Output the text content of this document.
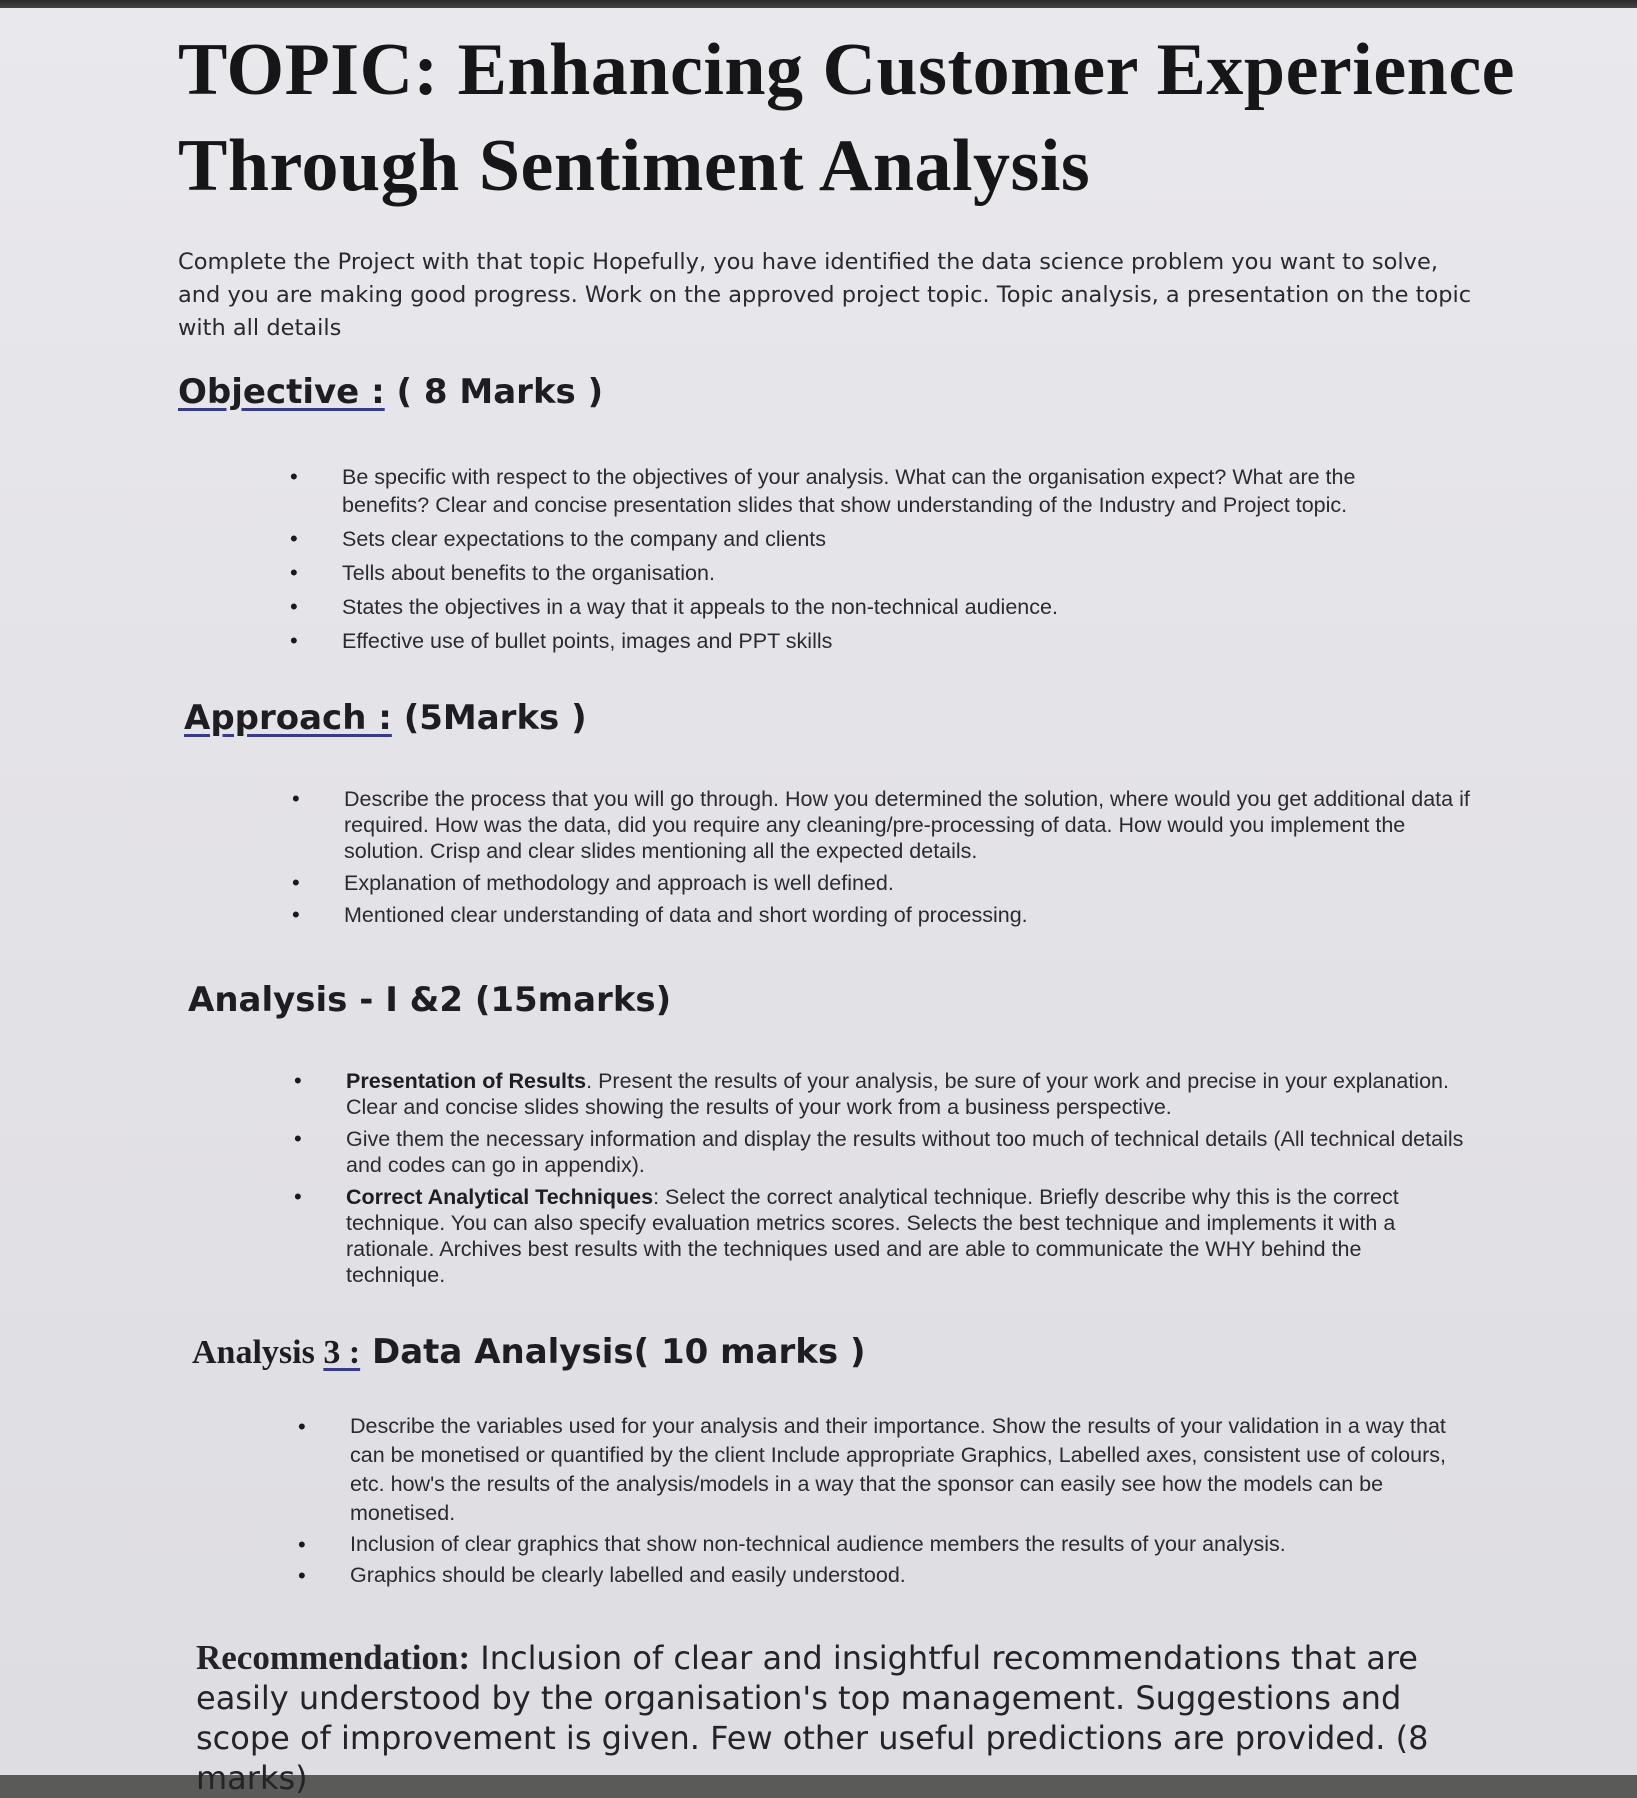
TOPIC: Enhancing Customer Experience Through Sentiment Analysis

Complete the Project with that topic Hopefully, you have identified the data science problem you want to solve, and you are making good progress. Work on the approved project topic. Topic analysis, a presentation on the topic with all details

Objective : ( 8 Marks )
• Be specific with respect to the objectives of your analysis. What can the organisation expect? What are the benefits? Clear and concise presentation slides that show understanding of the Industry and Project topic.
• Sets clear expectations to the company and clients
• Tells about benefits to the organisation.
• States the objectives in a way that it appeals to the non-technical audience.
• Effective use of bullet points, images and PPT skills
Approach : (5Marks )
• Describe the process that you will go through. How you determined the solution, where would you get additional data if required. How was the data, did you require any cleaning/pre-processing of data. How would you implement the solution. Crisp and clear slides mentioning all the expected details.
• Explanation of methodology and approach is well defined.
• Mentioned clear understanding of data and short wording of processing.
Analysis - I &2 (15marks)
• Presentation of Results. Present the results of your analysis, be sure of your work and precise in your explanation. Clear and concise slides showing the results of your work from a business perspective.
• Give them the necessary information and display the results without too much of technical details (All technical details and codes can go in appendix).
• Correct Analytical Techniques: Select the correct analytical technique. Briefly describe why this is the correct technique. You can also specify evaluation metrics scores. Selects the best technique and implements it with a rationale. Archives best results with the techniques used and are able to communicate the WHY behind the technique.
Analysis 3 : Data Analysis( 10 marks )
• Describe the variables used for your analysis and their importance. Show the results of your validation in a way that can be monetised or quantified by the client Include appropriate Graphics, Labelled axes, consistent use of colours, etc. how's the results of the analysis/models in a way that the sponsor can easily see how the models can be monetised.
• Inclusion of clear graphics that show non-technical audience members the results of your analysis.
• Graphics should be clearly labelled and easily understood.

Recommendation: Inclusion of clear and insightful recommendations that are easily understood by the organisation's top management. Suggestions and scope of improvement is given. Few other useful predictions are provided. (8 marks)
